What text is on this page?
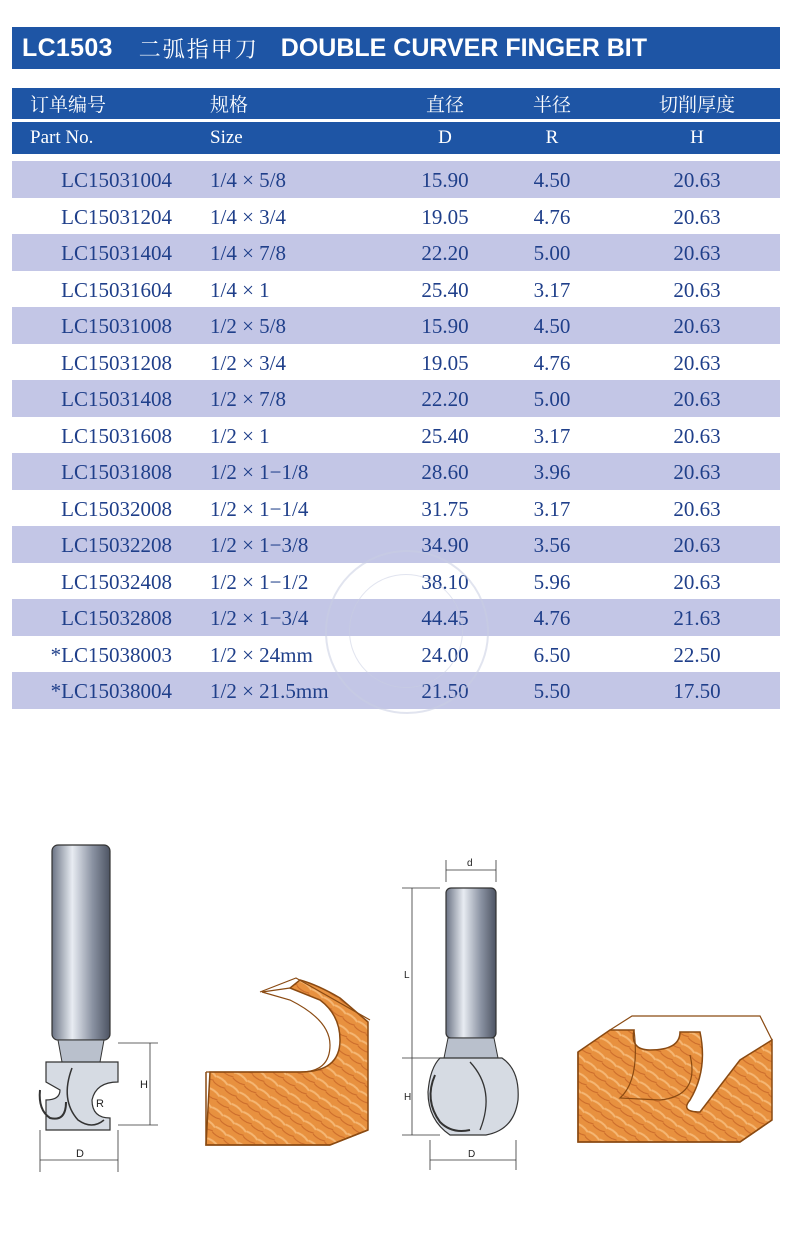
LC1503 二弧指甲刀 DOUBLE CURVER FINGER BIT
订单编号	规格	直径	半径	切削厚度
Part No.	Size	D	R	H
LC15031004	1/4 × 5/8	15.90	4.50	20.63
LC15031204	1/4 × 3/4	19.05	4.76	20.63
LC15031404	1/4 × 7/8	22.20	5.00	20.63
LC15031604	1/4 × 1	25.40	3.17	20.63
LC15031008	1/2 × 5/8	15.90	4.50	20.63
LC15031208	1/2 × 3/4	19.05	4.76	20.63
LC15031408	1/2 × 7/8	22.20	5.00	20.63
LC15031608	1/2 × 1	25.40	3.17	20.63
LC15031808	1/2 × 1−1/8	28.60	3.96	20.63
LC15032008	1/2 × 1−1/4	31.75	3.17	20.63
LC15032208	1/2 × 1−3/8	34.90	3.56	20.63
LC15032408	1/2 × 1−1/2	38.10	5.96	20.63
LC15032808	1/2 × 1−3/4	44.45	4.76	21.63
*LC15038003	1/2 × 24mm	24.00	6.50	22.50
*LC15038004	1/2 × 21.5mm	21.50	5.50	17.50
R
H
D
d
L
H
D
